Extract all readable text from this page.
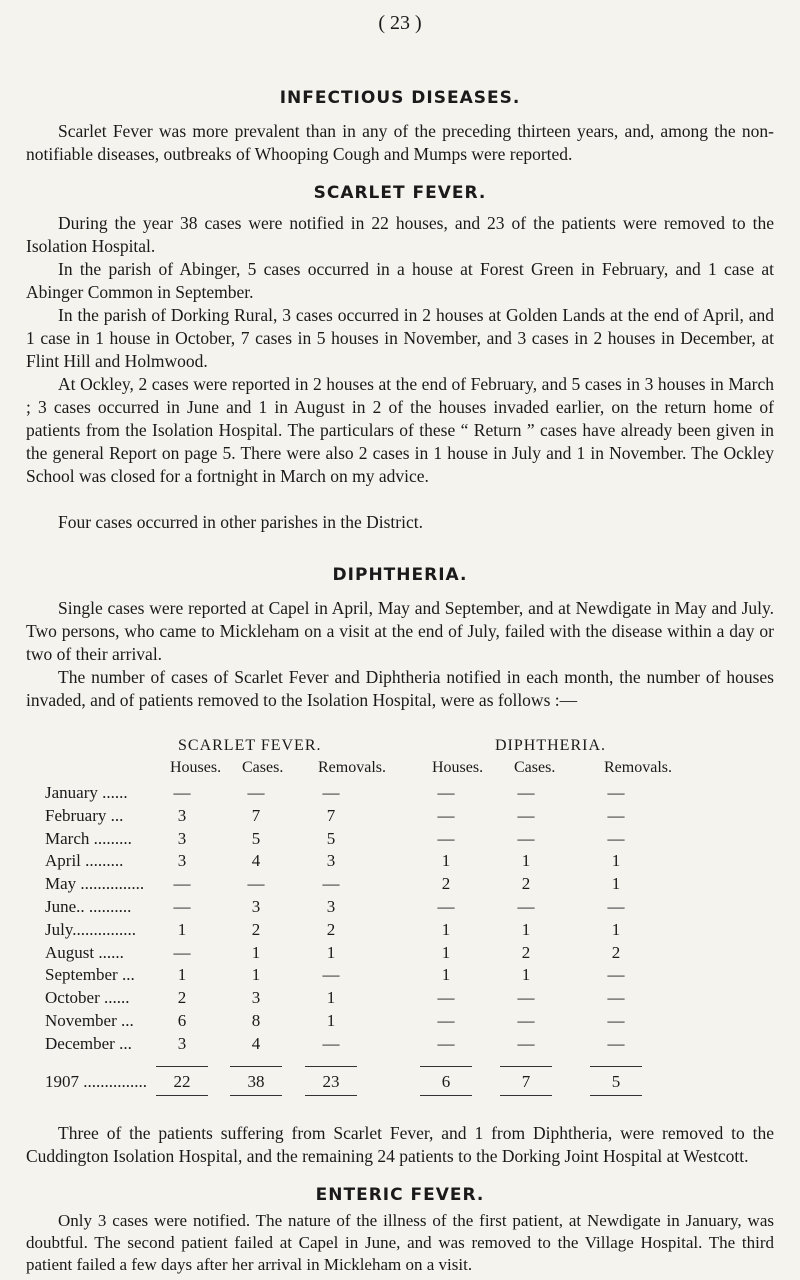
( 23 )
INFECTIOUS DISEASES.

Scarlet Fever was more prevalent than in any of the preceding thirteen years, and, among the non-notifiable diseases, outbreaks of Whooping Cough and Mumps were reported.

SCARLET FEVER.

During the year 38 cases were notified in 22 houses, and 23 of the patients were removed to the Isolation Hospital.

In the parish of Abinger, 5 cases occurred in a house at Forest Green in February, and 1 case at Abinger Common in September.

In the parish of Dorking Rural, 3 cases occurred in 2 houses at Golden Lands at the end of April, and 1 case in 1 house in October, 7 cases in 5 houses in November, and 3 cases in 2 houses in December, at Flint Hill and Holmwood.

At Ockley, 2 cases were reported in 2 houses at the end of February, and 5 cases in 3 houses in March ; 3 cases occurred in June and 1 in August in 2 of the houses invaded earlier, on the return home of patients from the Isolation Hospital. The particulars of these “ Return ” cases have already been given in the general Report on page 5. There were also 2 cases in 1 house in July and 1 in November. The Ockley School was closed for a fortnight in March on my advice.

Four cases occurred in other parishes in the District.

DIPHTHERIA.

Single cases were reported at Capel in April, May and September, and at Newdigate in May and July. Two persons, who came to Mickleham on a visit at the end of July, failed with the disease within a day or two of their arrival.

The number of cases of Scarlet Fever and Diphtheria notified in each month, the number of houses invaded, and of patients removed to the Isolation Hospital, were as follows :—

SCARLET FEVER.	DIPHTHERIA.
Houses. Cases. Removals.	Houses. Cases.	Removals.
January ......	—	—	—	—	—	—
February ...	3	7	7	—	—	—
March .........	3	5	5	—	—	—
April .........	3	4	3	1	1	1
May ...............	—	—	—	2	2	1
June.. ..........	—	3	3	—	—	—
July...............	1	2	2	1	1	1
August ......	—	1	1	1	2	2
September ...	1	1	—	1	1	—
October ......	2	3	1	—	—	—
November ...	6	8	1	—	—	—
December ...	3	4	—	—	—	—
1907 ...............	22	38	23	6	7	5

Three of the patients suffering from Scarlet Fever, and 1 from Diphtheria, were removed to the Cuddington Isolation Hospital, and the remaining 24 patients to the Dorking Joint Hospital at Westcott.

ENTERIC FEVER.

Only 3 cases were notified. The nature of the illness of the first patient, at Newdigate in January, was doubtful. The second patient failed at Capel in June, and was removed to the Village Hospital. The third patient failed a few days after her arrival in Mickleham on a visit.
